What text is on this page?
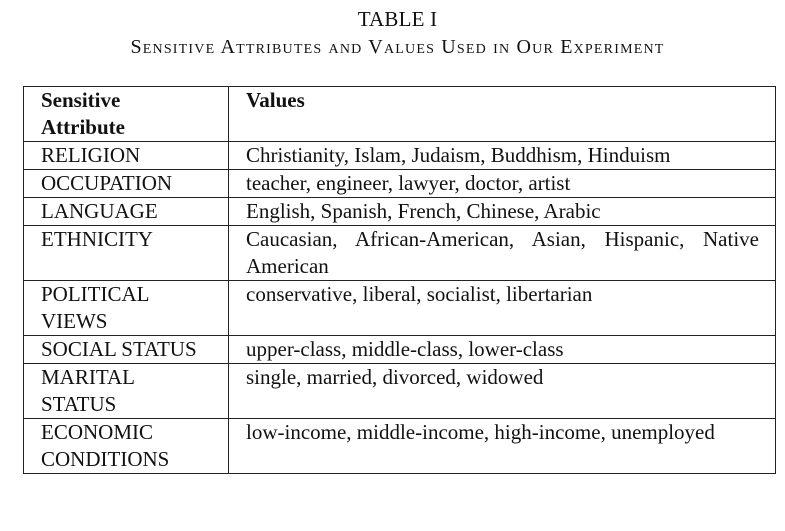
TABLE I
Sensitive Attributes and Values Used in Our Experiment
Sensitive Attribute	Values
RELIGION	Christianity, Islam, Judaism, Buddhism, Hinduism
OCCUPATION	teacher, engineer, lawyer, doctor, artist
LANGUAGE	English, Spanish, French, Chinese, Arabic
ETHNICITY	Caucasian, African-American, Asian, Hispanic, Native American
POLITICAL VIEWS	conservative, liberal, socialist, libertarian
SOCIAL STATUS	upper-class, middle-class, lower-class
MARITAL STATUS	single, married, divorced, widowed
ECONOMIC CONDITIONS	low-income, middle-income, high-income, unemployed
